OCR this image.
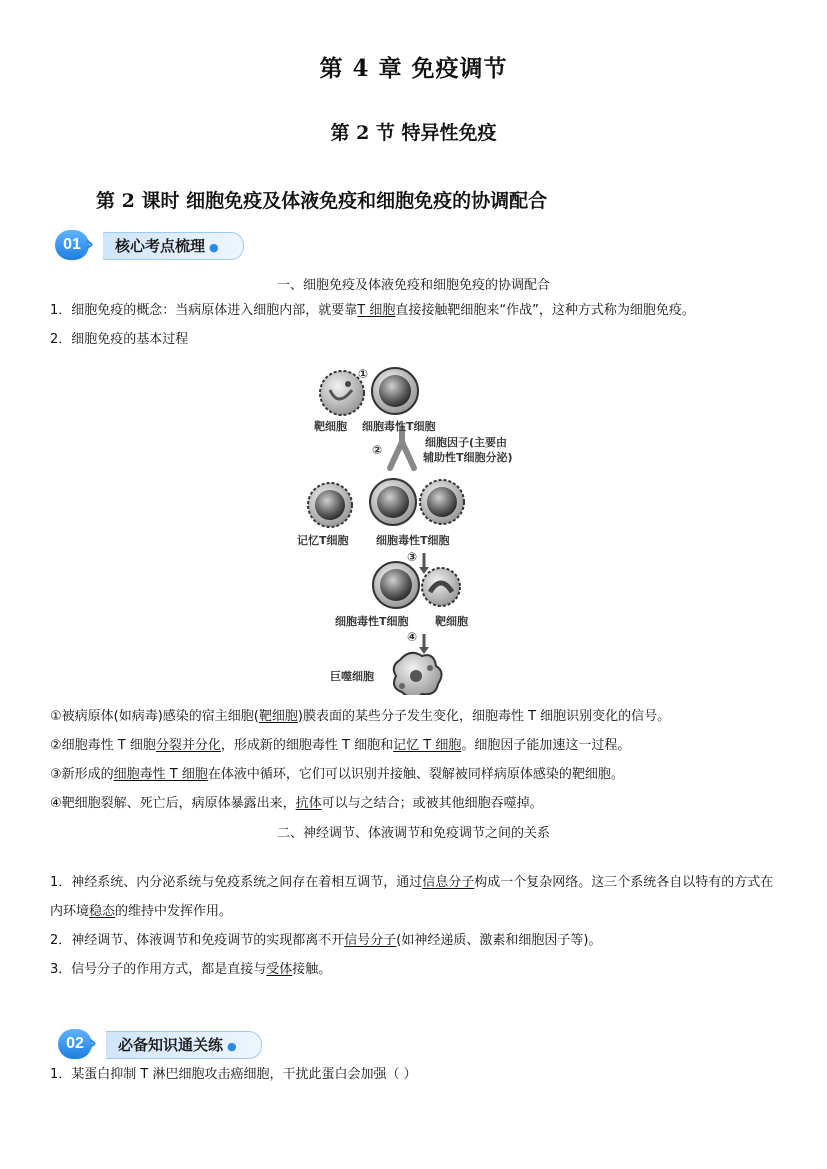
第 4 章 免疫调节
第 2 节 特异性免疫
第 2 课时 细胞免疫及体液免疫和细胞免疫的协调配合
01 ›	核心考点梳理 ●
一、细胞免疫及体液免疫和细胞免疫的协调配合
1．细胞免疫的概念：当病原体进入细胞内部，就要靠T 细胞直接接触靶细胞来“作战”，这种方式称为细胞免疫。
2．细胞免疫的基本过程
①
靶细胞 细胞毒性T细胞
②
细胞因子(主要由
辅助性T细胞分泌)
记忆T细胞 细胞毒性T细胞
③
细胞毒性T细胞 靶细胞
④
巨噬细胞
①被病原体(如病毒)感染的宿主细胞(靶细胞)膜表面的某些分子发生变化，细胞毒性 T 细胞识别变化的信号。
②细胞毒性 T 细胞分裂并分化，形成新的细胞毒性 T 细胞和记忆 T 细胞。细胞因子能加速这一过程。
③新形成的细胞毒性 T 细胞在体液中循环，它们可以识别并接触、裂解被同样病原体感染的靶细胞。
④靶细胞裂解、死亡后，病原体暴露出来，抗体可以与之结合；或被其他细胞吞噬掉。
二、神经调节、体液调节和免疫调节之间的关系
1．神经系统、内分泌系统与免疫系统之间存在着相互调节，通过信息分子构成一个复杂网络。这三个系统各自以特有的方式在内环境稳态的维持中发挥作用。
2．神经调节、体液调节和免疫调节的实现都离不开信号分子(如神经递质、激素和细胞因子等)。
3．信号分子的作用方式，都是直接与受体接触。
02 ›	必备知识通关练 ●
1．某蛋白抑制 T 淋巴细胞攻击癌细胞，干扰此蛋白会加强（ ）
